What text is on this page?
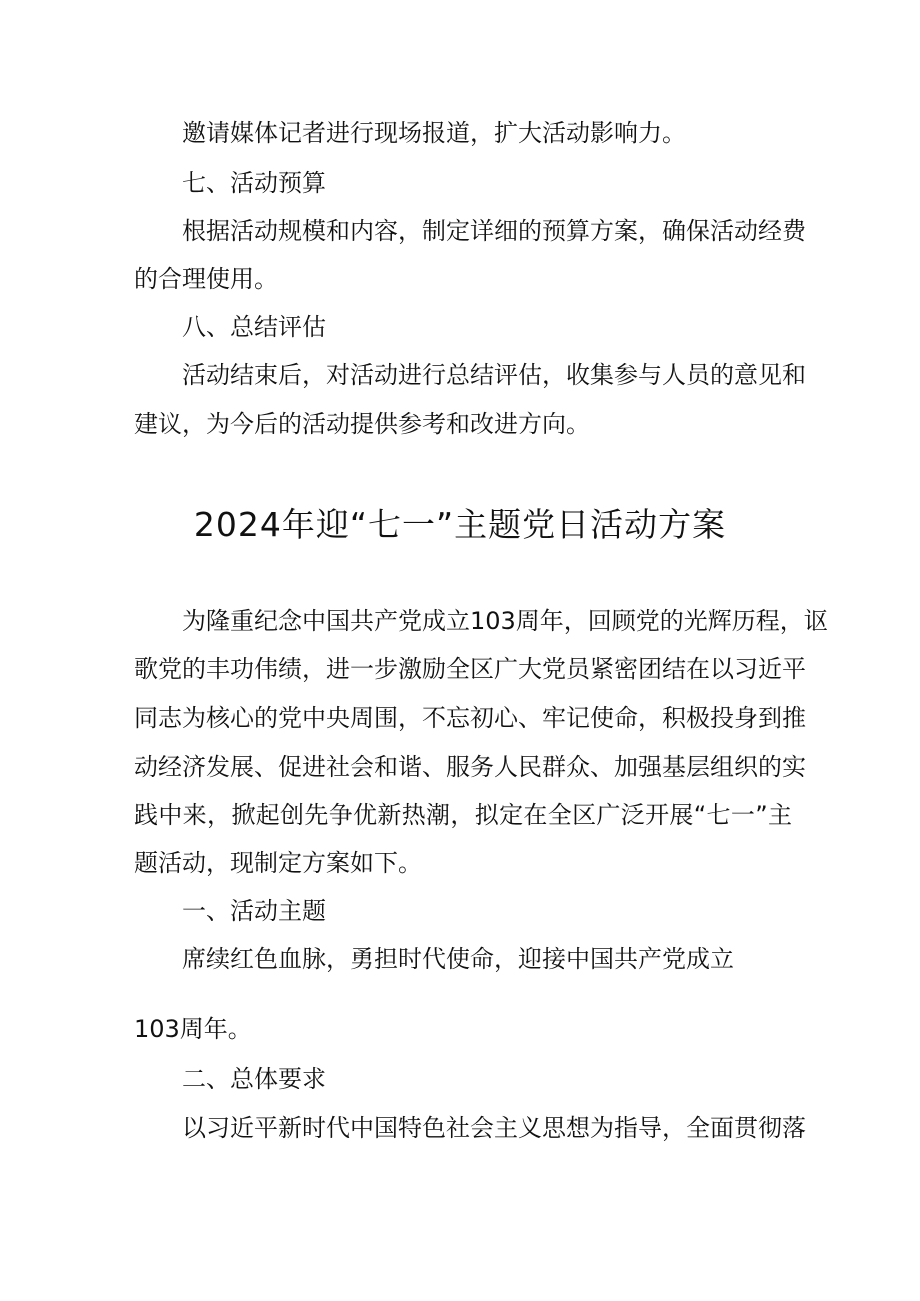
邀请媒体记者进行现场报道，扩大活动影响力。
七、活动预算
根据活动规模和内容，制定详细的预算方案，确保活动经费
的合理使用。
八、总结评估
活动结束后，对活动进行总结评估，收集参与人员的意见和
建议，为今后的活动提供参考和改进方向。
2024年迎“七一”主题党日活动方案
为隆重纪念中国共产党成立103周年，回顾党的光辉历程，讴
歌党的丰功伟绩，进一步激励全区广大党员紧密团结在以习近平
同志为核心的党中央周围，不忘初心、牢记使命，积极投身到推
动经济发展、促进社会和谐、服务人民群众、加强基层组织的实
践中来，掀起创先争优新热潮，拟定在全区广泛开展“七一”主
题活动，现制定方案如下。
一、活动主题
席续红色血脉，勇担时代使命，迎接中国共产党成立
103周年。
二、总体要求
以习近平新时代中国特色社会主义思想为指导，全面贯彻落
